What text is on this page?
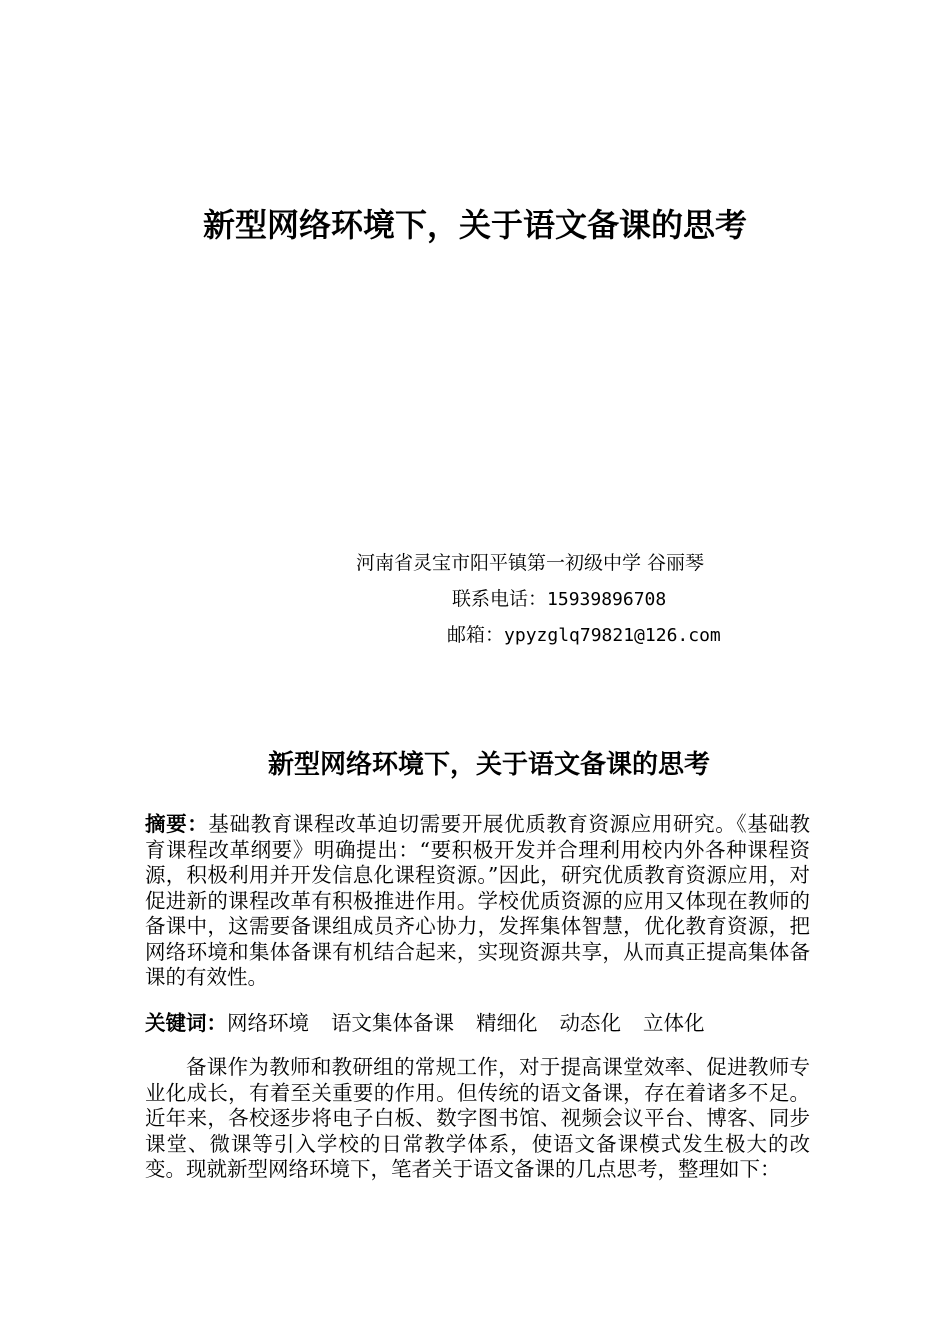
新型网络环境下，关于语文备课的思考
河南省灵宝市阳平镇第一初级中学 谷丽琴
联系电话：15939896708
邮箱：ypyzglq79821@126.com
新型网络环境下，关于语文备课的思考

摘要：基础教育课程改革迫切需要开展优质教育资源应用研究。《基础教育课程改革纲要》明确提出：“要积极开发并合理利用校内外各种课程资源，积极利用并开发信息化课程资源。”因此，研究优质教育资源应用，对促进新的课程改革有积极推进作用。学校优质资源的应用又体现在教师的备课中，这需要备课组成员齐心协力，发挥集体智慧，优化教育资源，把网络环境和集体备课有机结合起来，实现资源共享，从而真正提高集体备课的有效性。

关键词：网络环境 语文集体备课 精细化 动态化 立体化

备课作为教师和教研组的常规工作，对于提高课堂效率、促进教师专业化成长，有着至关重要的作用。但传统的语文备课，存在着诸多不足。近年来，各校逐步将电子白板、数字图书馆、视频会议平台、博客、同步课堂、微课等引入学校的日常教学体系，使语文备课模式发生极大的改变。现就新型网络环境下，笔者关于语文备课的几点思考，整理如下：
